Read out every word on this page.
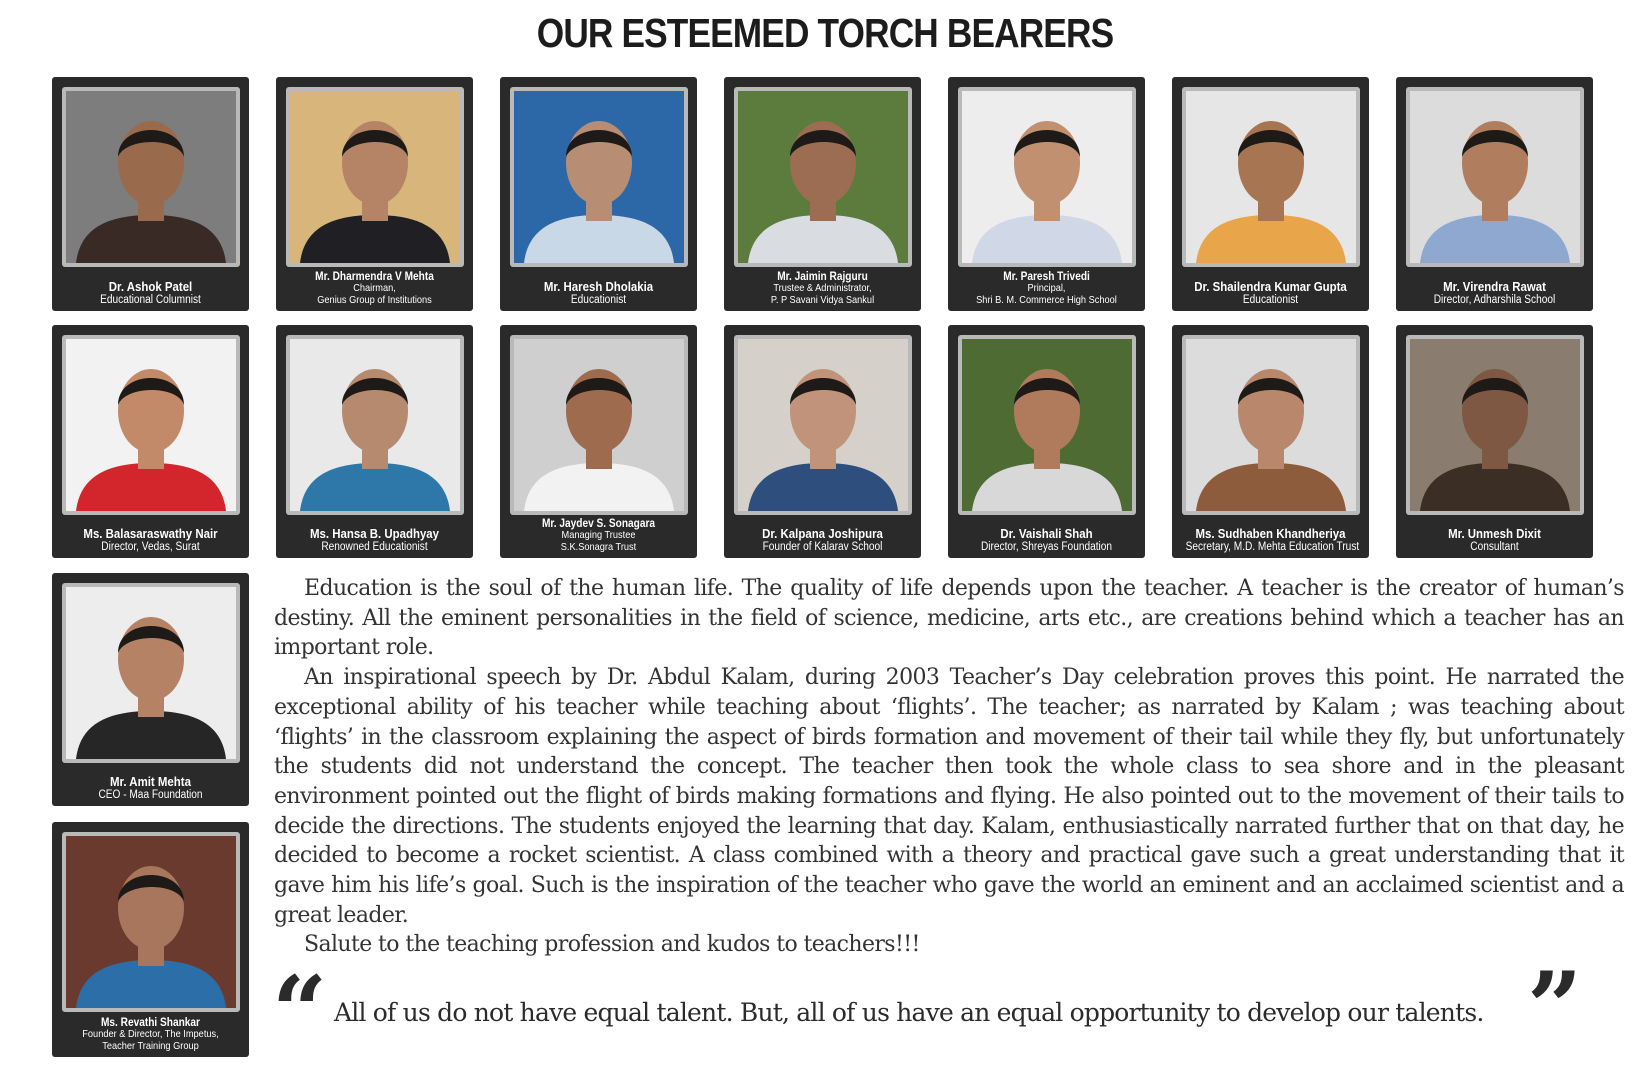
OUR ESTEEMED TORCH BEARERS
Dr. Ashok Patel
Educational Columnist
Mr. Dharmendra V Mehta
Chairman,
Genius Group of Institutions
Mr. Haresh Dholakia
Educationist
Mr. Jaimin Rajguru
Trustee & Administrator,
P. P Savani Vidya Sankul
Mr. Paresh Trivedi
Principal,
Shri B. M. Commerce High School
Dr. Shailendra Kumar Gupta
Educationist
Mr. Virendra Rawat
Director, Adharshila School
Ms. Balasaraswathy Nair
Director, Vedas, Surat
Ms. Hansa B. Upadhyay
Renowned Educationist
Mr. Jaydev S. Sonagara
Managing Trustee
S.K.Sonagra Trust
Dr. Kalpana Joshipura
Founder of Kalarav School
Dr. Vaishali Shah
Director, Shreyas Foundation
Ms. Sudhaben Khandheriya
Secretary, M.D. Mehta Education Trust
Mr. Unmesh Dixit
Consultant
Mr. Amit Mehta
CEO - Maa Foundation
Ms. Revathi Shankar
Founder & Director, The Impetus,
Teacher Training Group

Education is the soul of the human life. The quality of life depends upon the teacher. A teacher is the creator of human’s destiny. All the eminent personalities in the field of science, medicine, arts etc., are creations behind which a teacher has an important role.

An inspirational speech by Dr. Abdul Kalam, during 2003 Teacher’s Day celebration proves this point. He narrated the exceptional ability of his teacher while teaching about ‘flights’. The teacher; as narrated by Kalam ; was teaching about ‘flights’ in the classroom explaining the aspect of birds formation and movement of their tail while they fly, but unfortunately the students did not understand the concept. The teacher then took the whole class to sea shore and in the pleasant environment pointed out the flight of birds making formations and flying. He also pointed out to the movement of their tails to decide the directions. The students enjoyed the learning that day. Kalam, enthusiastically narrated further that on that day, he decided to become a rocket scientist. A class combined with a theory and practical gave such a great understanding that it gave him his life’s goal. Such is the inspiration of the teacher who gave the world an eminent and an acclaimed scientist and a great leader.

Salute to the teaching profession and kudos to teachers!!!

“ All of us do not have equal talent. But, all of us have an equal opportunity to develop our talents. ”
